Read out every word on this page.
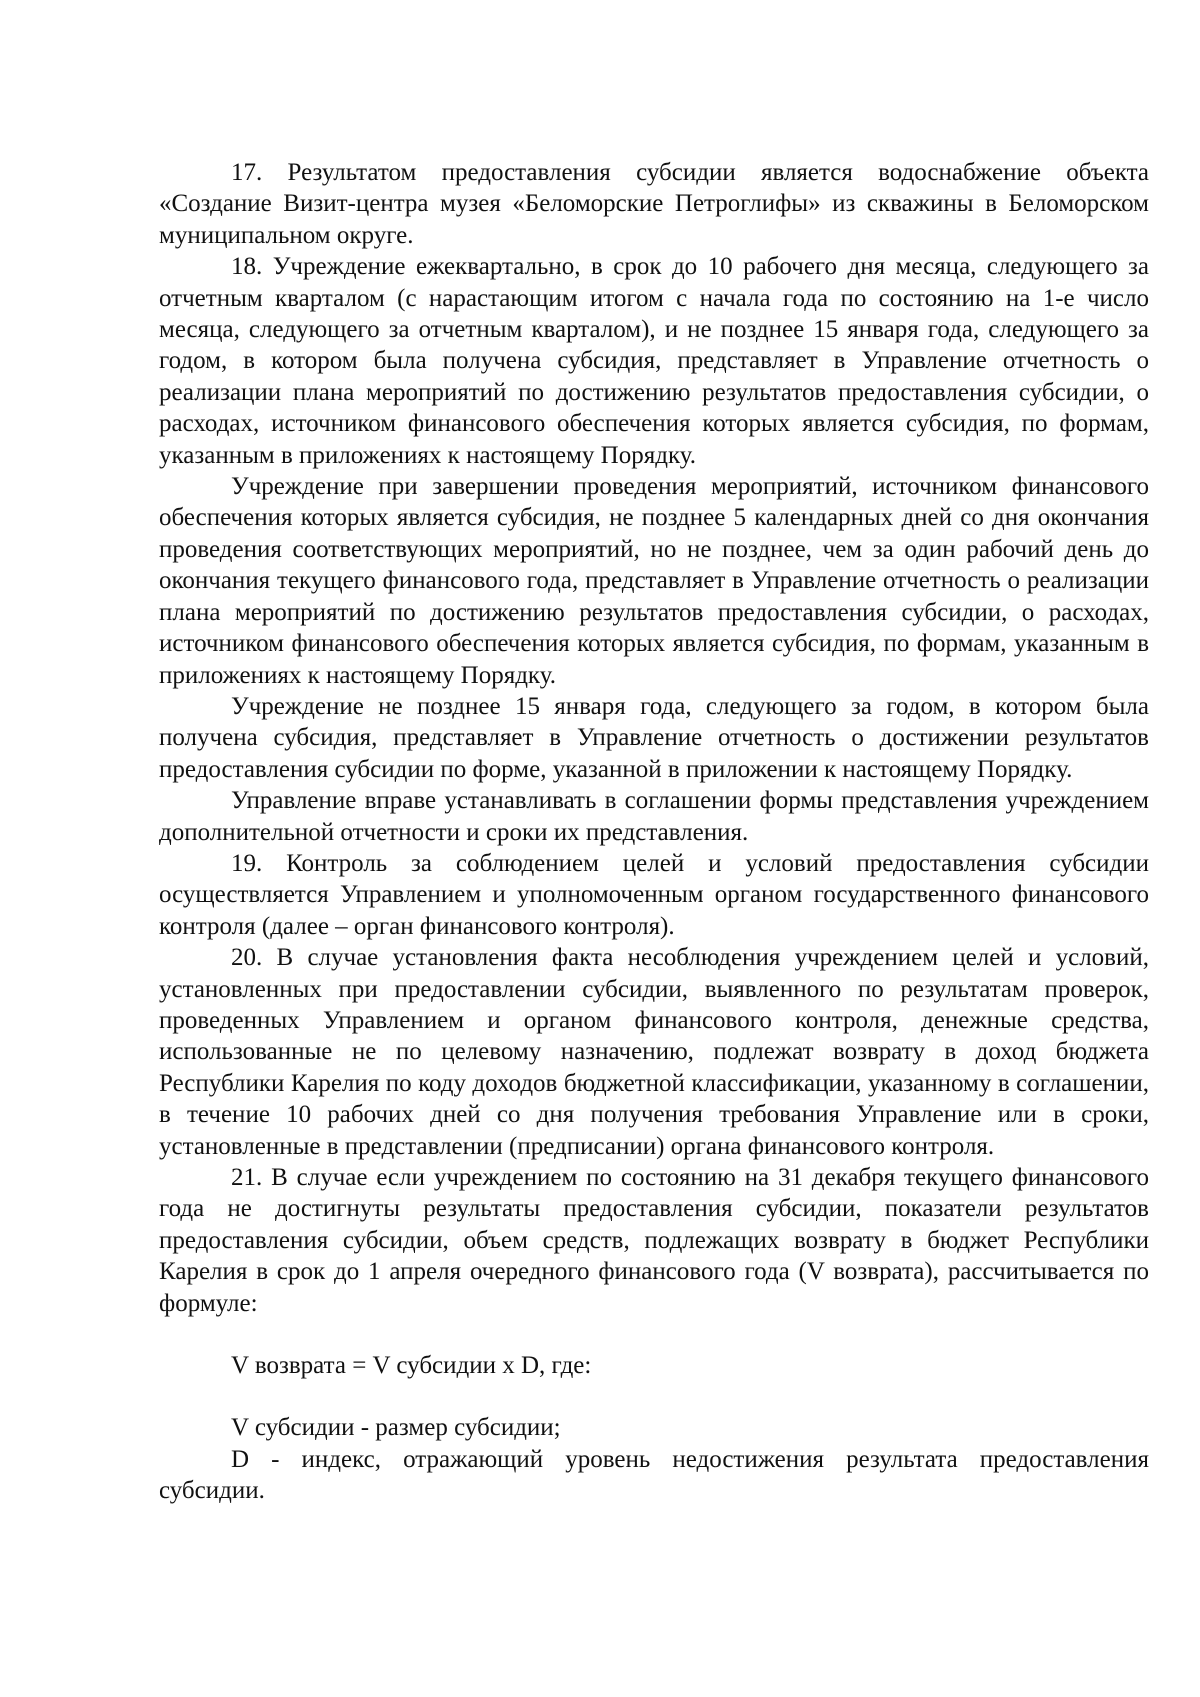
17. Результатом предоставления субсидии является водоснабжение объекта «Создание Визит-центра музея «Беломорские Петроглифы» из скважины в Беломорском муниципальном округе.

18. Учреждение ежеквартально, в срок до 10 рабочего дня месяца, следующего за отчетным кварталом (с нарастающим итогом с начала года по состоянию на 1-е число месяца, следующего за отчетным кварталом), и не позднее 15 января года, следующего за годом, в котором была получена субсидия, представляет в Управление отчетность о реализации плана мероприятий по достижению результатов предоставления субсидии, о расходах, источником финансового обеспечения которых является субсидия, по формам, указанным в приложениях к настоящему Порядку.

Учреждение при завершении проведения мероприятий, источником финансового обеспечения которых является субсидия, не позднее 5 календарных дней со дня окончания проведения соответствующих мероприятий, но не позднее, чем за один рабочий день до окончания текущего финансового года, представляет в Управление отчетность о реализации плана мероприятий по достижению результатов предоставления субсидии, о расходах, источником финансового обеспечения которых является субсидия, по формам, указанным в приложениях к настоящему Порядку.

Учреждение не позднее 15 января года, следующего за годом, в котором была получена субсидия, представляет в Управление отчетность о достижении результатов предоставления субсидии по форме, указанной в приложении к настоящему Порядку.

Управление вправе устанавливать в соглашении формы представления учреждением дополнительной отчетности и сроки их представления.

19. Контроль за соблюдением целей и условий предоставления субсидии осуществляется Управлением и уполномоченным органом государственного финансового контроля (далее – орган финансового контроля).

20. В случае установления факта несоблюдения учреждением целей и условий, установленных при предоставлении субсидии, выявленного по результатам проверок, проведенных Управлением и органом финансового контроля, денежные средства, использованные не по целевому назначению, подлежат возврату в доход бюджета Республики Карелия по коду доходов бюджетной классификации, указанному в соглашении, в течение 10 рабочих дней со дня получения требования Управление или в сроки, установленные в представлении (предписании) органа финансового контроля.

21. В случае если учреждением по состоянию на 31 декабря текущего финансового года не достигнуты результаты предоставления субсидии, показатели результатов предоставления субсидии, объем средств, подлежащих возврату в бюджет Республики Карелия в срок до 1 апреля очередного финансового года (V возврата), рассчитывается по формуле:

V возврата = V субсидии x D, где:

V субсидии - размер субсидии;

D - индекс, отражающий уровень недостижения результата предоставления субсидии.
